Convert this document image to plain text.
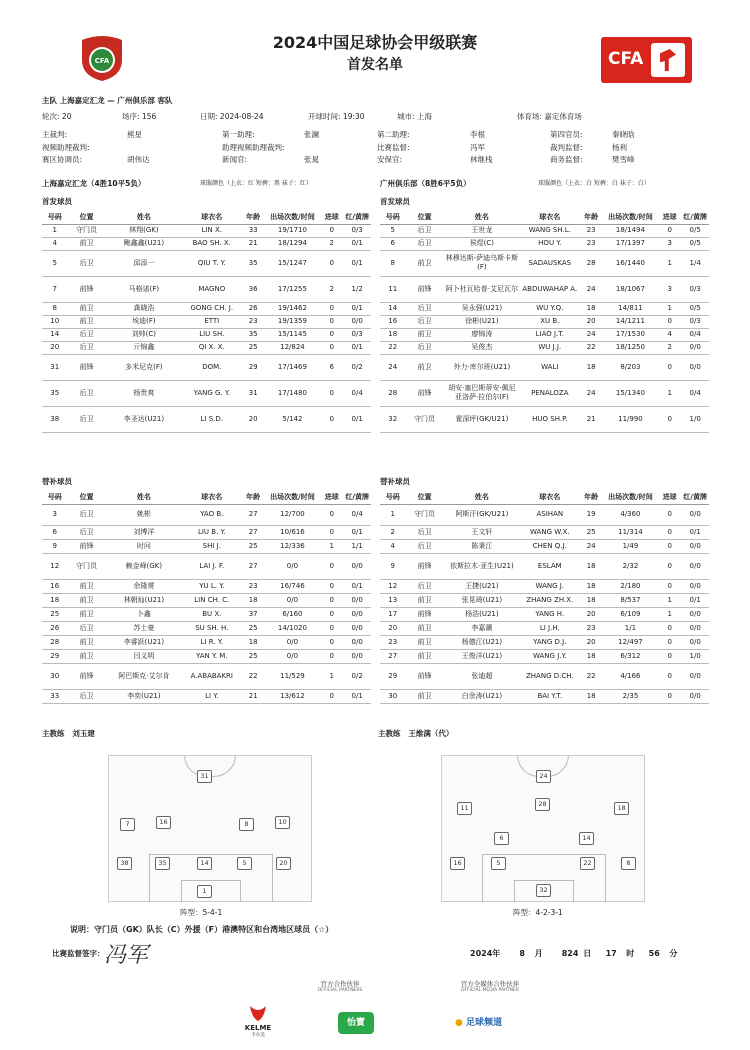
CFA
2024中国足球协会甲级联赛
首发名单	CFA
主队 上海嘉定汇龙 — 广州俱乐部 客队
轮次: 20	场序: 156	日期: 2024-08-24	开球时间: 19:30	城市: 上海	体育场: 嘉定体育场
主裁判:	熊星	第一助理:	张澜	第二助理:	李根	第四官员:	秦晓晗
视频助理裁判:	助理视频助理裁判:	比赛监督:	冯军	裁判监督:	杨利
赛区协调员:	胡伟达	新闻官:	张晁	安保官:	林继栈	商务监督:	樊雪峰
上海嘉定汇龙（4胜10平5负）	球服颜色（上衣：红 短裤：黑 袜子：红）	广州俱乐部（8胜6平5负）	球服颜色（上衣：白 短裤：白 袜子：白）
首发球员	首发球员
号码	位置	姓名	球衣名	年龄	出场次数/时间	进球	红/黄牌
1	守门员	林翔(GK)	LIN X.	33	19/1710	0	0/3
4	前卫	鲍鑫鑫(U21)	BAO SH. X.	21	18/1294	2	0/1
5	后卫	邱添一	QIU T. Y.	35	15/1247	0	0/1
7	前锋	马格诺(F)	MAGNO	36	17/1255	2	1/2
8	前卫	龚晓浩	GONG CH. J.	26	19/1462	0	0/1
10	前卫	埃迪(F)	ETTI	23	19/1359	0	0/0
14	后卫	刘帅(C)	LIU SH.	35	15/1145	0	0/3
20	后卫	亓锦鑫	QI X. X.	25	12/824	0	0/1
31	前锋	多米尼克(F)	DOM.	29	17/1469	6	0/2
35	后卫	杨贵爽	YANG G. Y.	31	17/1480	0	0/4
38	后卫	李圣达(U21)	LI S.D.	20	5/142	0	0/1
号码	位置	姓名	球衣名	年龄	出场次数/时间	进球	红/黄牌
5	后卫	王世龙	WANG SH.L.	23	18/1494	0	0/5
6	后卫	侯煜(C)	HOU Y.	23	17/1397	3	0/5
8	前卫	林穆达斯-萨迪乌斯卡斯(F)	SADAUSKAS	28	16/1440	1	1/4
11	前锋	阿卜杜瓦哈普·艾尼瓦尔	ABDUWAHAP A.	24	18/1067	3	0/3
14	后卫	吴永强(U21)	WU Y.Q.	18	14/811	1	0/5
16	后卫	徐彬(U21)	XU B.	20	14/1211	0	0/3
18	前卫	廖锦涛	LIAO J.T.	24	17/1530	4	0/4
22	后卫	吴俊杰	WU J.J.	22	18/1250	2	0/0
24	前卫	外力·库尔班(U21)	WALI	18	8/203	0	0/0
28	前锋	胡安·塞巴斯蒂安·佩尼亚洛萨·拉伯尔(F)	PENALOZA	24	15/1340	1	0/4
32	守门员	霍深坪(GK/U21)	HUO SH.P.	21	11/990	0	1/0
替补球员	替补球员
号码	位置	姓名	球衣名	年龄	出场次数/时间	进球	红/黄牌
3	后卫	姚彬	YAO B.	27	12/700	0	0/4
6	后卫	刘博洋	LIU B. Y.	27	10/616	0	0/1
9	前锋	时问	SHI J.	25	12/336	1	1/1
12	守门员	赖金峰(GK)	LAI J. F.	27	0/0	0	0/0
16	前卫	余隆赟	YU L. Y.	23	16/746	0	0/1
18	前卫	林朝灿(U21)	LIN CH. C.	18	0/0	0	0/0
25	前卫	卜鑫	BU X.	37	6/160	0	0/0
26	后卫	苏士豪	SU SH. H.	25	14/1020	0	0/0
28	前卫	李睿跃(U21)	LI R. Y.	18	0/0	0	0/0
29	前卫	闫义明	YAN Y. M.	25	0/0	0	0/0
30	前锋	阿巴斯克·艾尔肯	A.ABABAKRI	22	11/529	1	0/2
33	后卫	李奕(U21)	LI Y.	21	13/612	0	0/1
号码	位置	姓名	球衣名	年龄	出场次数/时间	进球	红/黄牌
1	守门员	阿斯汗(GK/U21)	ASIHAN	19	4/360	0	0/0
2	后卫	王文轩	WANG W.X.	25	11/314	0	0/1
4	后卫	陈秉江	CHEN Q.J.	24	1/49	0	0/0
9	前锋	依斯拉木·亚生(U21)	ESLAM	18	2/32	0	0/0
12	后卫	王捷(U21)	WANG J.	18	2/180	0	0/0
13	前卫	张晃琦(U21)	ZHANG ZH.X.	18	8/537	1	0/1
17	前锋	杨浩(U21)	YANG H.	20	6/109	1	0/0
20	前卫	李嘉灏	LI J.H.	23	1/1	0	0/0
23	前卫	杨德江(U21)	YANG D.J.	20	12/497	0	0/0
27	前卫	王俊洋(U21)	WANG J.Y.	18	6/312	0	1/0
29	前锋	张迪超	ZHANG D.CH.	22	4/166	0	0/0
30	前卫	白余涛(U21)	BAI Y.T.	18	2/35	0	0/0
主教练 刘玉建	主教练 王维满（代）
31
7	16	8	10
38	35	14	5	20
1
阵型：5-4-1
24
11	28	18
6	14
16	5	22	8
32
阵型：4-2-3-1
说明：守门员（GK）队长（C）外援（F）港澳特区和台湾地区球员（☆）
比赛监督签字： 冯军	2024年 8 月 824 日 17 时 56 分
官方合作伙伴
OFFICIAL PARTNERS
官方全媒体合作伙伴
OFFICIAL MEDIA PARTNER
KELME
卡尔美
怡寶	● 足球频道
